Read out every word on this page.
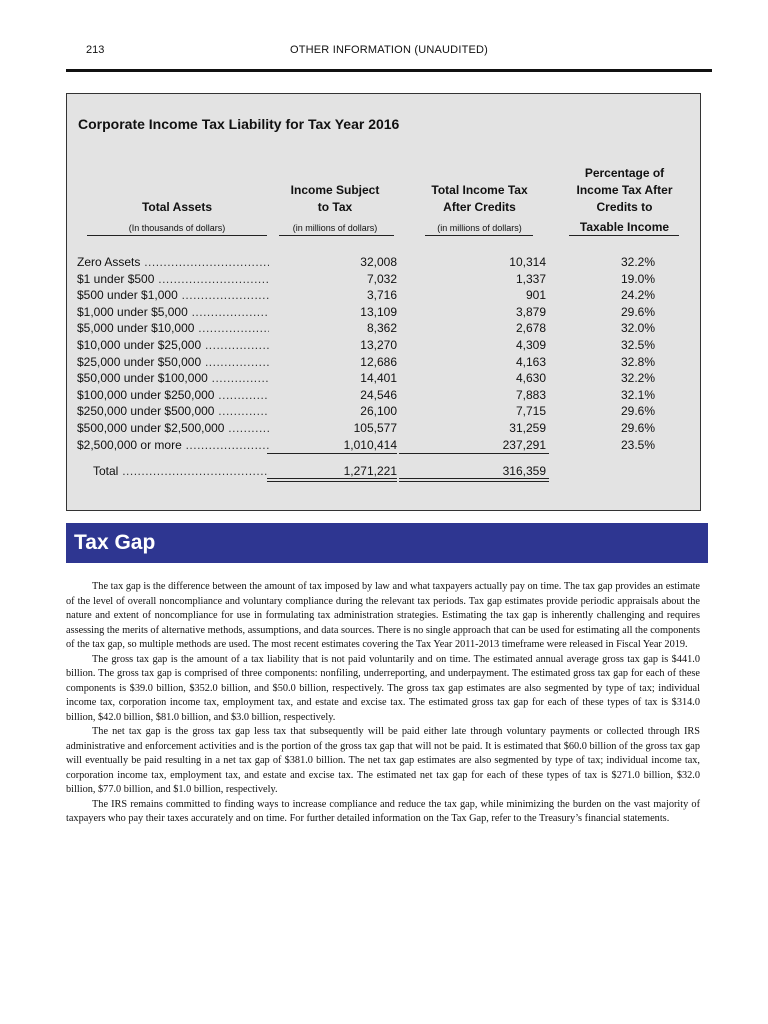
213	OTHER INFORMATION (UNAUDITED)
Corporate Income Tax Liability for Tax Year 2016
Total Assets
(In thousands of dollars)
Income Subject
to Tax
(in millions of dollars)
Total Income Tax
After Credits
(in millions of dollars)
Percentage of
Income Tax After
Credits to
Taxable Income
Zero Assets .....	32,008	10,314	32.2%
$1 under $500 .....	7,032	1,337	19.0%
$500 under $1,000 .....	3,716	901	24.2%
$1,000 under $5,000 .....	13,109	3,879	29.6%
$5,000 under $10,000 .....	8,362	2,678	32.0%
$10,000 under $25,000 .....	13,270	4,309	32.5%
$25,000 under $50,000 .....	12,686	4,163	32.8%
$50,000 under $100,000 .....	14,401	4,630	32.2%
$100,000 under $250,000 .....	24,546	7,883	32.1%
$250,000 under $500,000 .....	26,100	7,715	29.6%
$500,000 under $2,500,000 .....	105,577	31,259	29.6%
$2,500,000 or more .....	1,010,414	237,291	23.5%
Total .....	1,271,221	316,359
Tax Gap

The tax gap is the difference between the amount of tax imposed by law and what taxpayers actually pay on time. The tax gap provides an estimate of the level of overall noncompliance and voluntary compliance during the relevant tax periods. Tax gap estimates provide periodic appraisals about the nature and extent of noncompliance for use in formulating tax administration strategies. Estimating the tax gap is inherently challenging and requires assessing the merits of alternative methods, assumptions, and data sources. There is no single approach that can be used for estimating all the components of the tax gap, so multiple methods are used. The most recent estimates covering the Tax Year 2011-2013 timeframe were released in Fiscal Year 2019.

The gross tax gap is the amount of a tax liability that is not paid voluntarily and on time. The estimated annual average gross tax gap is $441.0 billion. The gross tax gap is comprised of three components: nonfiling, underreporting, and underpayment. The estimated gross tax gap for each of these components is $39.0 billion, $352.0 billion, and $50.0 billion, respectively. The gross tax gap estimates are also segmented by type of tax; individual income tax, corporation income tax, employment tax, and estate and excise tax. The estimated gross tax gap for each of these types of tax is $314.0 billion, $42.0 billion, $81.0 billion, and $3.0 billion, respectively.

The net tax gap is the gross tax gap less tax that subsequently will be paid either late through voluntary payments or collected through IRS administrative and enforcement activities and is the portion of the gross tax gap that will not be paid. It is estimated that $60.0 billion of the gross tax gap will eventually be paid resulting in a net tax gap of $381.0 billion. The net tax gap estimates are also segmented by type of tax; individual income tax, corporation income tax, employment tax, and estate and excise tax. The estimated net tax gap for each of these types of tax is $271.0 billion, $32.0 billion, $77.0 billion, and $1.0 billion, respectively.

The IRS remains committed to finding ways to increase compliance and reduce the tax gap, while minimizing the burden on the vast majority of taxpayers who pay their taxes accurately and on time. For further detailed information on the Tax Gap, refer to the Treasury’s financial statements.
